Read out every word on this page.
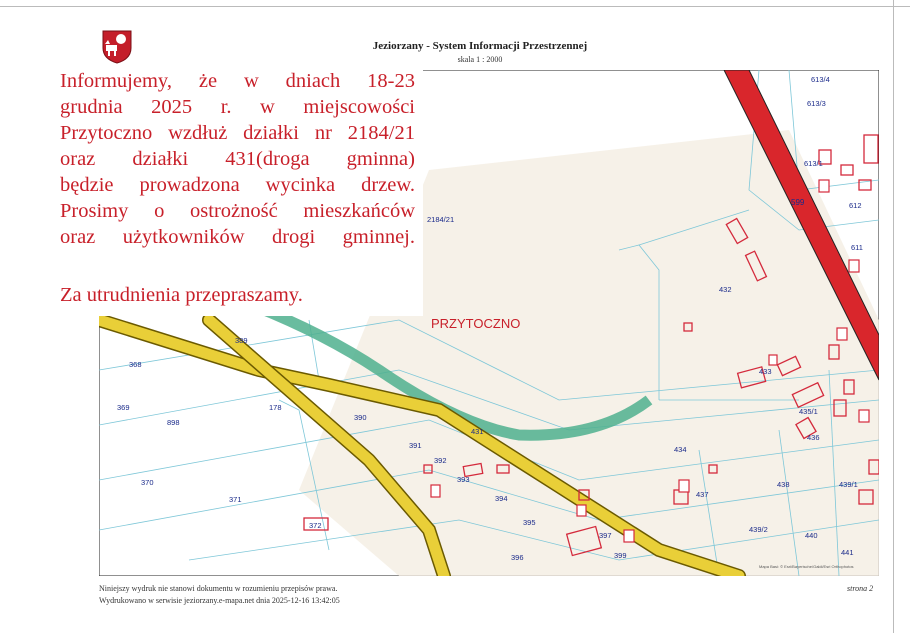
Jeziorzany - System Informacji Przestrzennej
skala 1 : 2000
613/4
613/3
613/1
612
611
2184/21
432
389
368
369
898
178
390
391
392
393
394
395
396
397
399
431
433
434
435/1
436
437
438	439/1
439/2
440
441
370
371
372
599
PRZYTOCZNO
Mapa Basi: © Esri/Bayerische/Galdi/Esri Orthophotos
Informujemy, że w dniach 18-23
grudnia 2025 r. w miejscowości
Przytoczno wzdłuż działki nr 2184/21
oraz działki 431(droga gminna)
będzie prowadzona wycinka drzew.
Prosimy o ostrożność mieszkańców
oraz użytkowników drogi gminnej.
Za utrudnienia przepraszamy.
Niniejszy wydruk nie stanowi dokumentu w rozumieniu przepisów prawa.
Wydrukowano w serwisie jeziorzany.e-mapa.net dnia 2025-12-16 13:42:05
strona 2
